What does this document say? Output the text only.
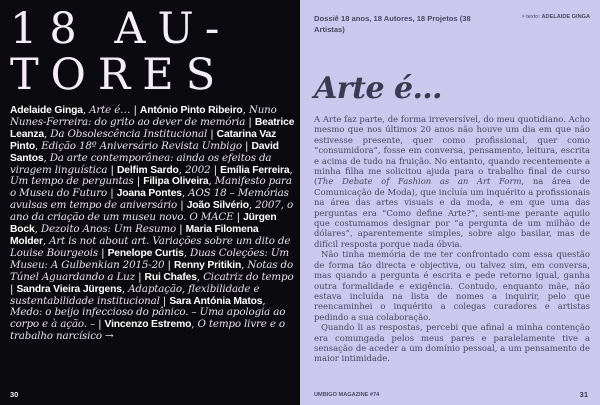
18 AU-
TORES
Adelaide Ginga, Arte é… | António Pinto Ribeiro, Nuno Nunes-Ferreira: do grito ao dever de memória | Beatrice Leanza, Da Obsolescência Institucional | Catarina Vaz Pinto, Edição 18º Aniversário Revista Umbigo | David Santos, Da arte contemporânea: ainda os efeitos da viragem linguística | Delfim Sardo, 2002 | Emília Ferreira, Um tempo de perguntas | Filipa Oliveira, Manifesto para o Museu do Futuro | Joana Pontes, AOS 18 – Memórias avulsas em tempo de aniversário | João Silvério, 2007, o ano da criação de um museu novo. O MACE | Jürgen Bock, Dezoito Anos: Um Resumo | Maria Filomena Molder, Art is not about art. Variações sobre um dito de Louise Bourgeois | Penelope Curtis, Duas Coleções: Um Museu: A Gulbenkian 2015-20 | Renny Pritikin, Notas do Túnel Aguardando a Luz | Rui Chafes, Cicatriz do tempo | Sandra Vieira Jürgens, Adaptação, flexibilidade e sustentabilidade institucional | Sara Antónia Matos, Medo: o beijo infeccioso do pânico. – Uma apologia ao corpo e à ação. – | Vincenzo Estremo, O tempo livre e o trabalho narcísico →
30
Dossiê 18 anos, 18 Autores, 18 Projetos (38 Artistas)
> texto: ADELAIDE GINGA
Arte é…

A Arte faz parte, de forma irreversível, do meu quotidiano. Acho mesmo que nos últimos 20 anos não houve um dia em que não estivesse presente, quer como profissional, quer como “consumidora”, fosse em conversa, pensamento, leitura, escrita e acima de tudo na fruição. No entanto, quando recentemente a minha filha me solicitou ajuda para o trabalho final de curso (The Debate of Fashion as an Art Form, na área de Comunicação de Moda), que incluía um inquérito a profissionais na área das artes visuais e da moda, e em que uma das perguntas era “Como define Arte?”, senti-me perante aquilo que costumamos designar por “a pergunta de um milhão de dólares”, aparentemente simples, sobre algo basilar, mas de difícil resposta porque nada óbvia.

Não tinha memória de me ter confrontado com essa questão de forma tão directa e objectiva, ou talvez sim, em conversa, mas quando a pergunta é escrita e pede retorno igual, ganha outra formalidade e exigência. Contudo, enquanto mãe, não estava incluída na lista de nomes a inquirir, pelo que reencaminhei o inquérito a colegas curadores e artistas pedindo a sua colaboração.

Quando li as respostas, percebi que afinal a minha contenção era comungada pelos meus pares e paralelamente tive a sensação de aceder a um domínio pessoal, a um pensamento de maior intimidade.

UMBIGO MAGAZINE #74	31
